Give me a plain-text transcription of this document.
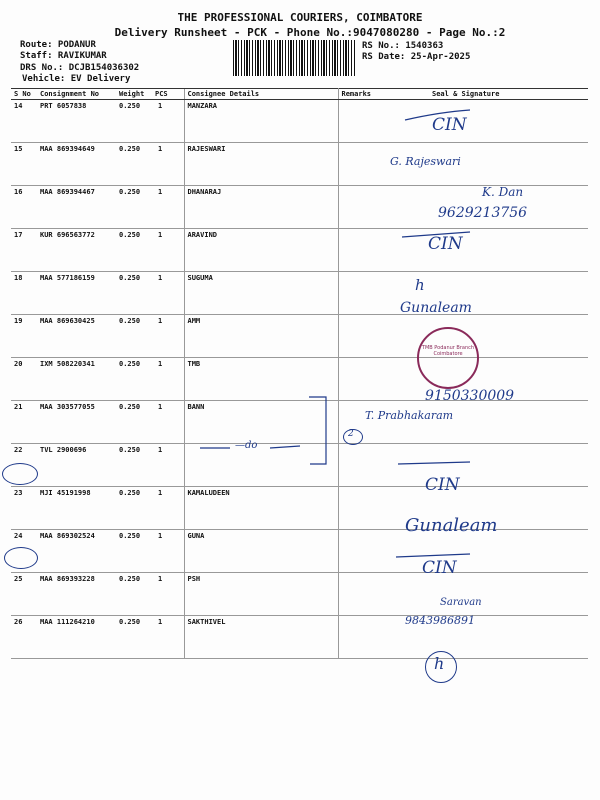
THE PROFESSIONAL COURIERS, COIMBATORE
Delivery Runsheet - PCK - Phone No.:9047080280 - Page No.:2
Route: PODANUR
Staff: RAVIKUMAR
DRS No.: DCJB154036302
Vehicle: EV Delivery
RS No.: 1540363
RS Date: 25-Apr-2025
S No	Consignment No	Weight	PCS	Consignee Details	Remarks	Seal & Signature
14	PRT 6057838	0.250	1	MANZARA		
15	MAA 869394649	0.250	1	RAJESWARI		
16	MAA 869394467	0.250	1	DHANARAJ		
17	KUR 696563772	0.250	1	ARAVIND		
18	MAA 577186159	0.250	1	SUGUMA		
19	MAA 869630425	0.250	1	AMM		
20	IXM 508220341	0.250	1	TMB		
21	MAA 303577055	0.250	1	BANN		
22	TVL 2900696	0.250	1			
23	MJI 45191998	0.250	1	KAMALUDEEN		
24	MAA 869302524	0.250	1	GUNA		
25	MAA 869393228	0.250	1	PSH		
26	MAA 111264210	0.250	1	SAKTHIVEL		
CIN
G. Rajeswari
K. Dan
9629213756
CIN
h
Gunaleam
TMB Podanur Branch Coimbatore
9150330009
T. Prabhakaram
—do
2
CIN
Gunaleam
CIN
Saravan
9843986891
h
